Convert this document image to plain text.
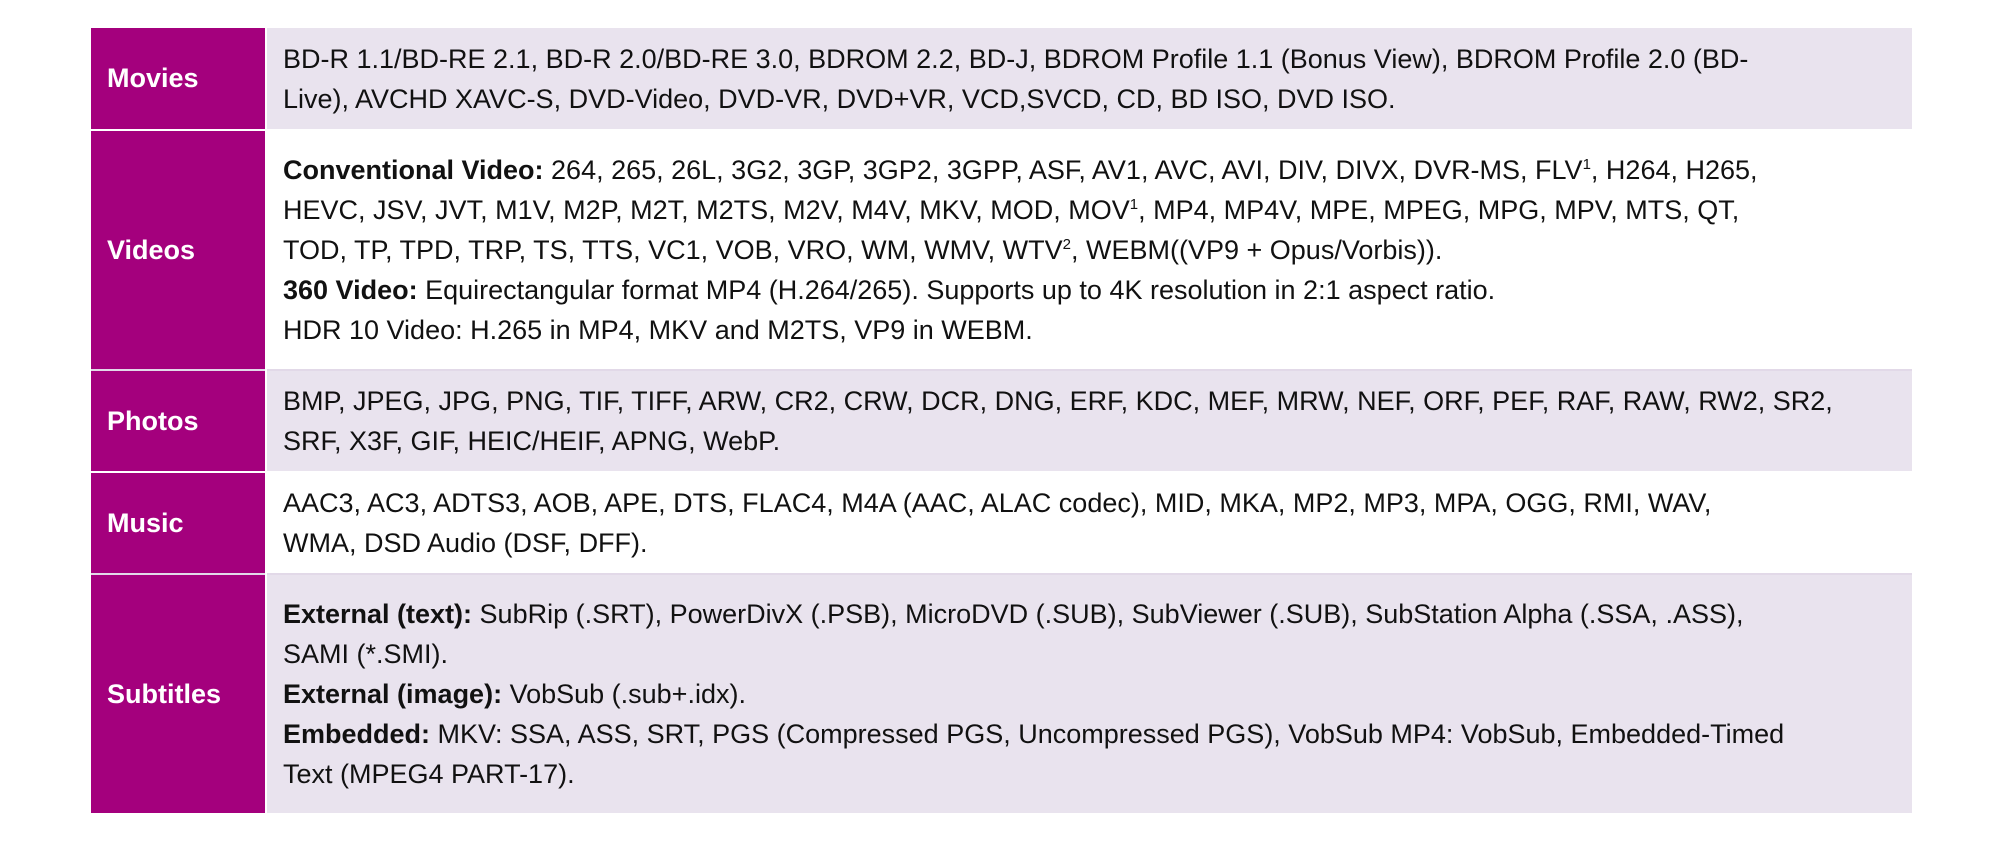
Movies	BD-R 1.1/BD-RE 2.1, BD-R 2.0/BD-RE 3.0, BDROM 2.2, BD-J, BDROM Profile 1.1 (Bonus View), BDROM Profile 2.0 (BD-
Live), AVCHD XAVC-S, DVD-Video, DVD-VR, DVD+VR, VCD,SVCD, CD, BD ISO, DVD ISO.

Videos	Conventional Video: 264, 265, 26L, 3G2, 3GP, 3GP2, 3GPP, ASF, AV1, AVC, AVI, DIV, DIVX, DVR-MS, FLV$^1$, H264, H265,
HEVC, JSV, JVT, M1V, M2P, M2T, M2TS, M2V, M4V, MKV, MOD, MOV$^1$, MP4, MP4V, MPE, MPEG, MPG, MPV, MTS, QT,
TOD, TP, TPD, TRP, TS, TTS, VC1, VOB, VRO, WM, WMV, WTV$^2$, WEBM((VP9 + Opus/Vorbis)).
360 Video: Equirectangular format MP4 (H.264/265). Supports up to 4K resolution in 2:1 aspect ratio.
HDR 10 Video: H.265 in MP4, MKV and M2TS, VP9 in WEBM.

Photos	BMP, JPEG, JPG, PNG, TIF, TIFF, ARW, CR2, CRW, DCR, DNG, ERF, KDC, MEF, MRW, NEF, ORF, PEF, RAF, RAW, RW2, SR2,
SRF, X3F, GIF, HEIC/HEIF, APNG, WebP.

Music	AAC3, AC3, ADTS3, AOB, APE, DTS, FLAC4, M4A (AAC, ALAC codec), MID, MKA, MP2, MP3, MPA, OGG, RMI, WAV,
WMA, DSD Audio (DSF, DFF).

Subtitles	External (text): SubRip (.SRT), PowerDivX (.PSB), MicroDVD (.SUB), SubViewer (.SUB), SubStation Alpha (.SSA, .ASS),
SAMI (*.SMI).
External (image): VobSub (.sub+.idx).
Embedded: MKV: SSA, ASS, SRT, PGS (Compressed PGS, Uncompressed PGS), VobSub MP4: VobSub, Embedded-Timed
Text (MPEG4 PART-17).
